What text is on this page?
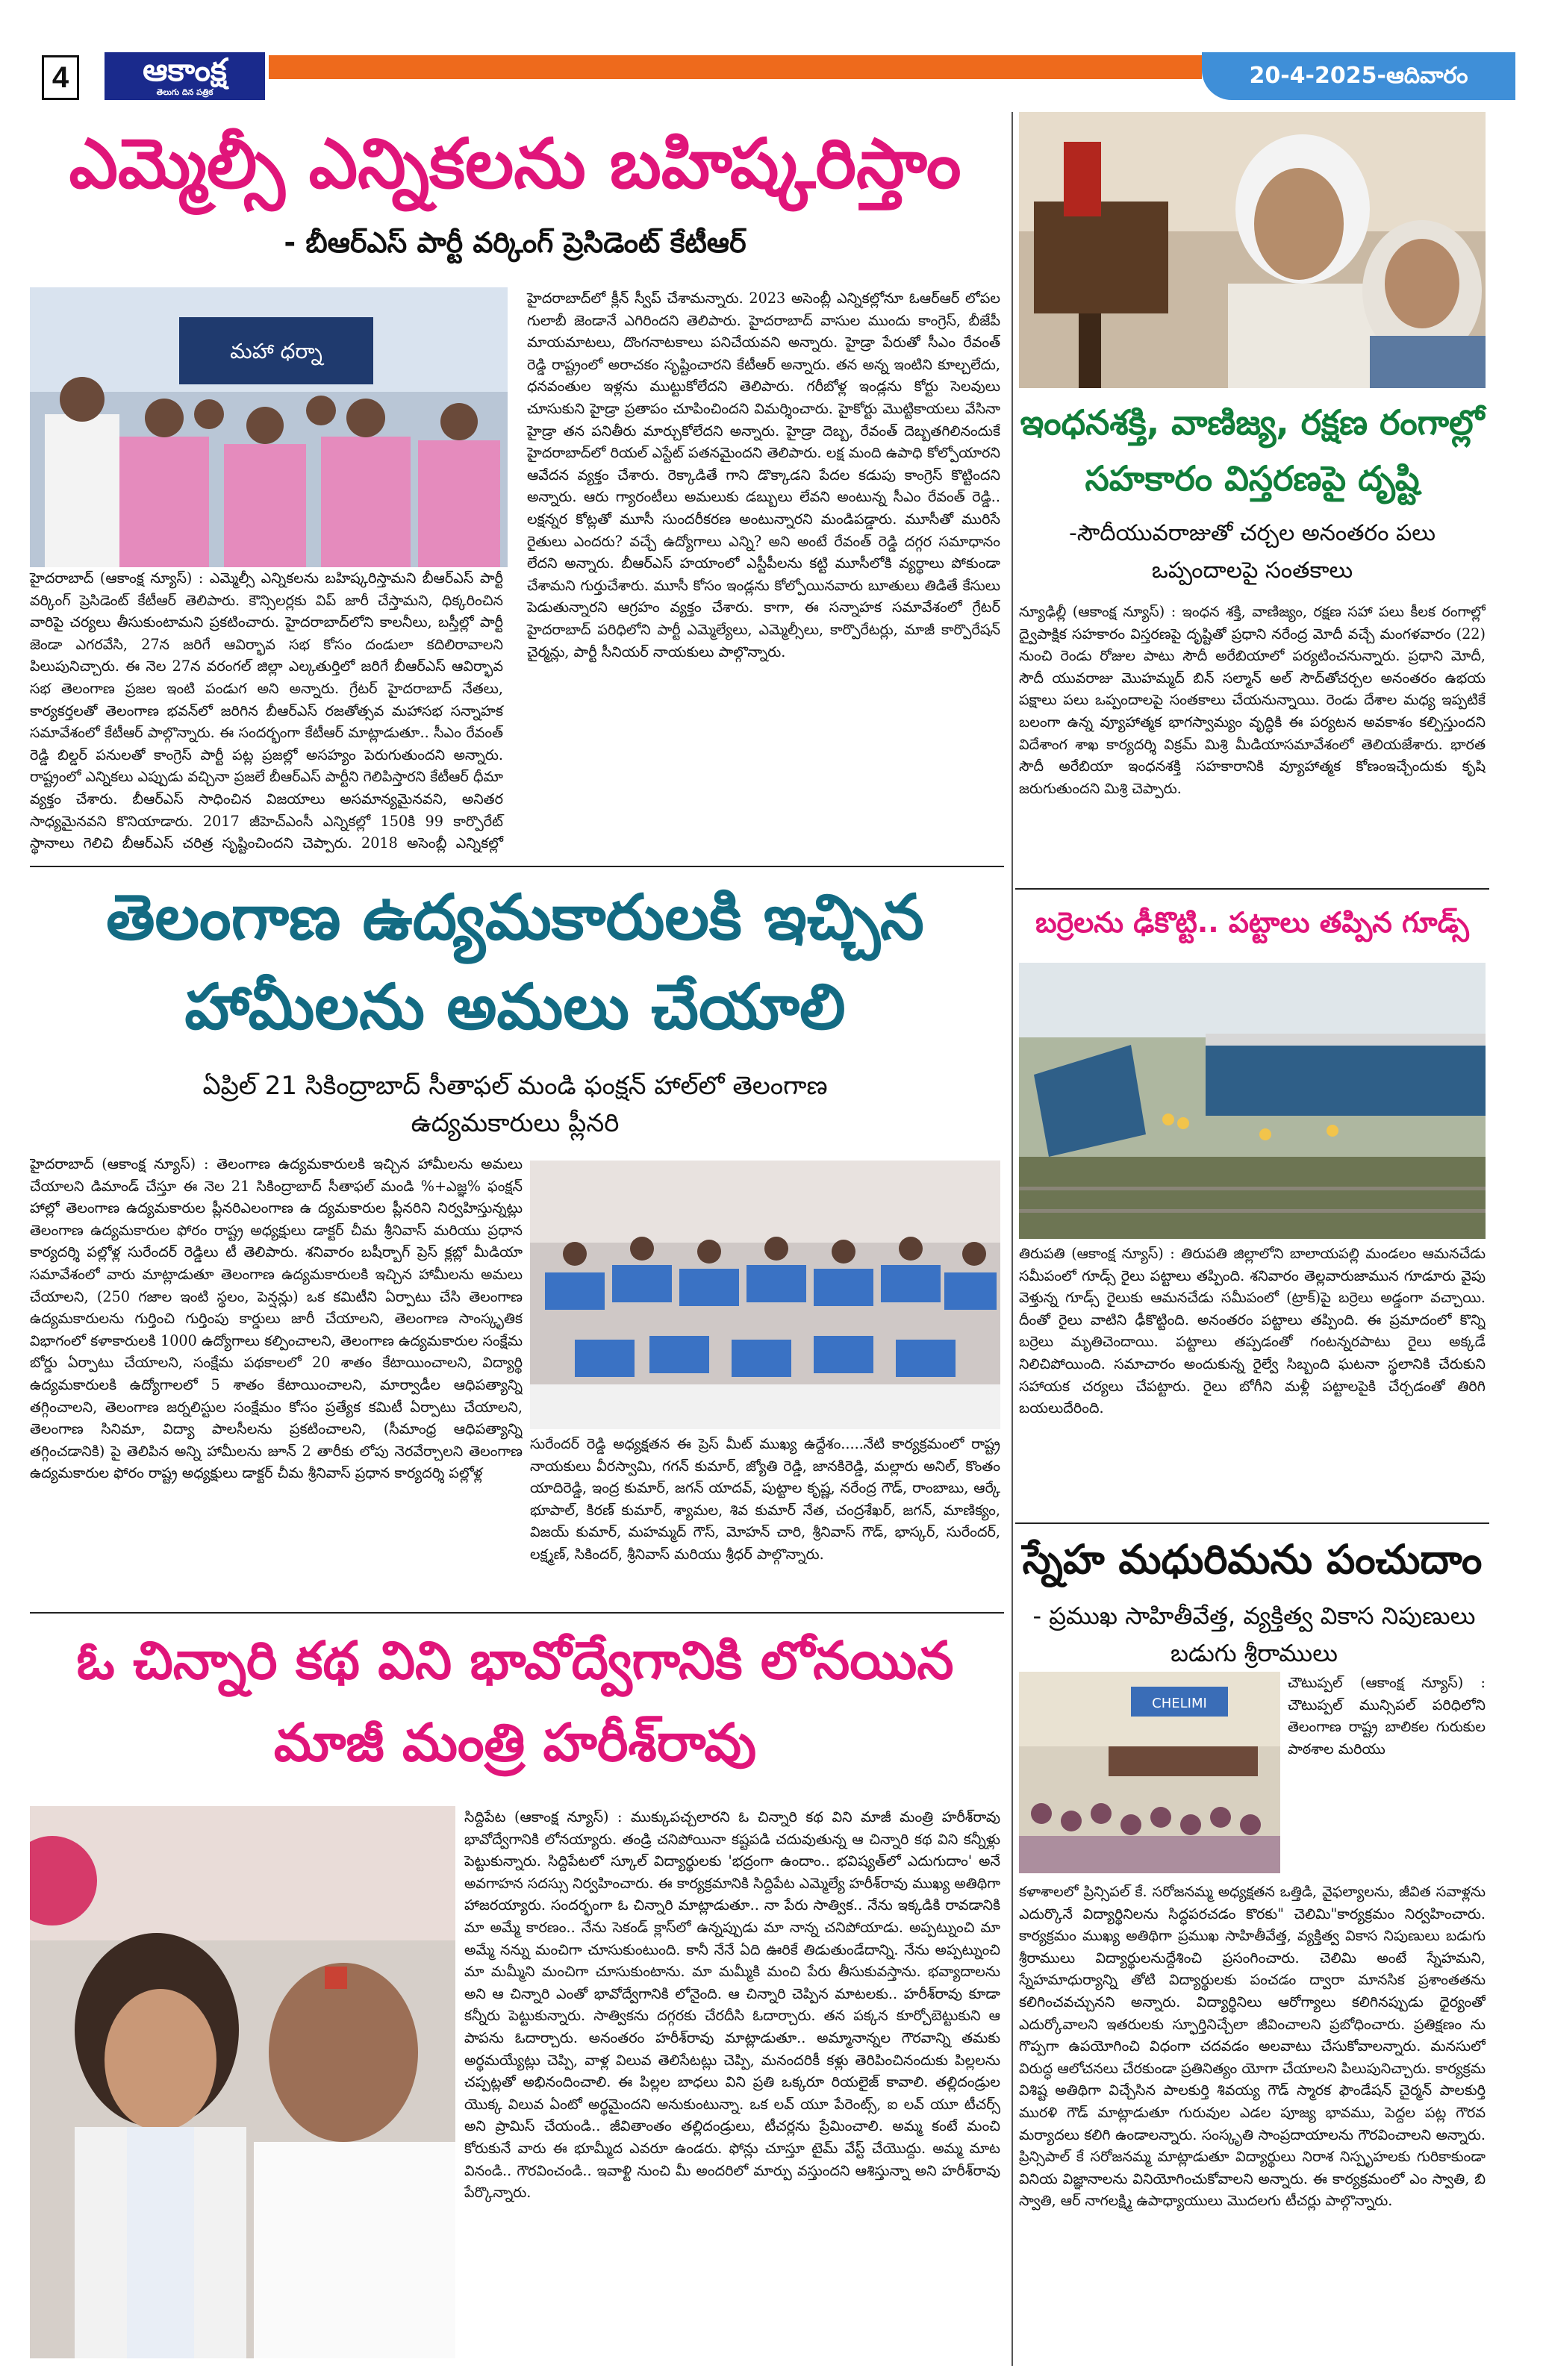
4	ఆకాంక్ష
తెలుగు దిన పత్రిక
20-4-2025-ఆదివారం
ఎమ్మెల్సీ ఎన్నికలను బహిష్కరిస్తాం
- బీఆర్ఎస్ పార్టీ వర్కింగ్ ప్రెసిడెంట్ కేటీఆర్
మహా ధర్నా
హైదరాబాద్ (ఆకాంక్ష న్యూస్) : ఎమ్మెల్సీ ఎన్నికలను బహిష్కరిస్తామని బీఆర్ఎస్ పార్టీ వర్కింగ్ ప్రెసిడెంట్ కేటీఆర్ తెలిపారు. కౌన్సిలర్లకు విప్ జారీ చేస్తామని, ధిక్కరించిన వారిపై చర్యలు తీసుకుంటామని ప్రకటించారు. హైదరాబాద్‌లోని కాలనీలు, బస్తీల్లో పార్టీ జెండా ఎగరవేసి, 27న జరిగే ఆవిర్భావ సభ కోసం దండులా కదిలిరావాలని పిలుపునిచ్చారు. ఈ నెల 27న వరంగల్ జిల్లా ఎల్కతుర్తిలో జరిగే బీఆర్ఎస్ ఆవిర్భావ సభ తెలంగాణ ప్రజల ఇంటి పండుగ అని అన్నారు. గ్రేటర్ హైదరాబాద్ నేతలు, కార్యకర్తలతో తెలంగాణ భవన్‌లో జరిగిన బీఆర్ఎస్ రజతోత్సవ మహాసభ సన్నాహక సమావేశంలో కేటీఆర్ పాల్గొన్నారు. ఈ సందర్భంగా కేటీఆర్ మాట్లాడుతూ.. సీఎం రేవంత్ రెడ్డి బిల్డర్ పనులతో కాంగ్రెస్ పార్టీ పట్ల ప్రజల్లో అసహ్యం పెరుగుతుందని అన్నారు. రాష్ట్రంలో ఎన్నికలు ఎప్పుడు వచ్చినా ప్రజలే బీఆర్ఎస్ పార్టీని గెలిపిస్తారని కేటీఆర్ ధీమా వ్యక్తం చేశారు. బీఆర్ఎస్ సాధించిన విజయాలు అసమాన్యమైనవని, అనితర సాధ్యమైనవని కొనియాడారు. 2017 జీహెచ్ఎంసీ ఎన్నికల్లో 150కి 99 కార్పొరేట్ స్థానాలు గెలిచి బీఆర్ఎస్ చరిత్ర సృష్టించిందని చెప్పారు. 2018 అసెంబ్లీ ఎన్నికల్లో హైదరాబాద్‌లో క్లీన్ స్వీప్ చేశామన్నారు. 2023 అసెంబ్లీ ఎన్నికల్లోనూ ఓఆర్ఆర్ లోపల గులాబీ జెండానే ఎగిరిందని తెలిపారు. హైదరాబాద్ వాసుల ముందు కాంగ్రెస్, బీజేపీ మాయమాటలు, దొంగనాటకాలు పనిచేయవని అన్నారు. హైడ్రా పేరుతో సీఎం రేవంత్ రెడ్డి రాష్ట్రంలో అరాచకం సృష్టించారని కేటీఆర్ అన్నారు. తన అన్న ఇంటిని కూల్చలేదు, ధనవంతుల ఇళ్లను ముట్టుకోలేదని తెలిపారు. గరీబోళ్ల ఇండ్లను కోర్టు సెలవులు చూసుకుని హైడ్రా ప్రతాపం చూపించిందని విమర్శించారు. హైకోర్టు మొట్టికాయలు వేసినా హైడ్రా తన పనితీరు మార్చుకోలేదని అన్నారు. హైడ్రా దెబ్బ, రేవంత్ దెబ్బతగిలినందుకే హైదరాబాద్‌లో రియల్ ఎస్టేట్ పతనమైందని తెలిపారు. లక్ష మంది ఉపాధి కోల్పోయారని ఆవేదన వ్యక్తం చేశారు. రెక్కాడితే గాని డొక్కాడని పేదల కడుపు కాంగ్రెస్ కొట్టిందని అన్నారు. ఆరు గ్యారంటీలు అమలుకు డబ్బులు లేవని అంటున్న సీఎం రేవంత్ రెడ్డి.. లక్షన్నర కోట్లతో మూసీ సుందరీకరణ అంటున్నారని మండిపడ్డారు. మూసీతో మురిసే రైతులు ఎందరు? వచ్చే ఉద్యోగాలు ఎన్ని? అని అంటే రేవంత్ రెడ్డి దగ్గర సమాధానం లేదని అన్నారు. బీఆర్ఎస్ హయాంలో ఎస్టీపీలను కట్టి మూసీలోకి వ్యర్థాలు పోకుండా చేశామని గుర్తుచేశారు. మూసీ కోసం ఇండ్లను కోల్పోయినవారు బూతులు తిడితే కేసులు పెడుతున్నారని ఆగ్రహం వ్యక్తం చేశారు. కాగా, ఈ సన్నాహక సమావేశంలో గ్రేటర్ హైదరాబాద్ పరిధిలోని పార్టీ ఎమ్మెల్యేలు, ఎమ్మెల్సీలు, కార్పొరేటర్లు, మాజీ కార్పొరేషన్ చైర్మన్లు, పార్టీ సీనియర్ నాయకులు పాల్గొన్నారు.
తెలంగాణ ఉద్యమకారులకి ఇచ్చిన
హామీలను అమలు చేయాలి
ఏప్రిల్ 21 సికింద్రాబాద్ సీతాఫల్ మండి ఫంక్షన్ హాల్‌లో తెలంగాణ ఉద్యమకారులు ప్లీనరి
హైదరాబాద్ (ఆకాంక్ష న్యూస్) : తెలంగాణ ఉద్యమకారులకి ఇచ్చిన హామీలను అమలు చేయాలని డిమాండ్ చేస్తూ ఈ నెల 21 సికింద్రాబాద్ సీతాఫల్ మండి %+ఎజ్ఞ% ఫంక్షన్ హాల్లో తెలంగాణ ఉద్యమకారుల ప్లీనరిఎలంగాణ ఉ ద్యమకారుల ప్లీనరిని నిర్వహిస్తున్నట్లు తెలంగాణ ఉద్యమకారుల ఫోరం రాష్ట్ర అధ్యక్షులు డాక్టర్ చీమ శ్రీనివాస్ మరియు ప్రధాన కార్యదర్శి పల్లోళ్ల సురేందర్ రెడ్డిలు టీ తెలిపారు. శనివారం బషీర్బాగ్ ప్రెస్ క్లబ్లో మీడియా సమావేశంలో వారు మాట్లాడుతూ తెలంగాణ ఉద్యమకారులకి ఇచ్చిన హామీలను అమలు చేయాలని, (250 గజాల ఇంటి స్థలం, పెన్షన్లు) ఒక కమిటీని ఏర్పాటు చేసి తెలంగాణ ఉద్యమకారులను గుర్తించి గుర్తింపు కార్డులు జారీ చేయాలని, తెలంగాణ సాంస్కృతిక విభాగంలో కళాకారులకి 1000 ఉద్యోగాలు కల్పించాలని, తెలంగాణ ఉద్యమకారుల సంక్షేమ బోర్డు ఏర్పాటు చేయాలని, సంక్షేమ పథకాలలో 20 శాతం కేటాయించాలని, విద్యార్థి ఉద్యమకారులకి ఉద్యోగాలలో 5 శాతం కేటాయించాలని, మార్వాడీల ఆధిపత్యాన్ని తగ్గించాలని, తెలంగాణ జర్నలిస్టుల సంక్షేమం కోసం ప్రత్యేక కమిటీ ఏర్పాటు చేయాలని, తెలంగాణ సినిమా, విద్యా పాలసీలను ప్రకటించాలని, (సీమాంధ్ర ఆధిపత్యాన్ని తగ్గించడానికి) పై తెలిపిన అన్ని హామీలను జూన్ 2 తారీకు లోపు నెరవేర్చాలని తెలంగాణ ఉద్యమకారుల ఫోరం రాష్ట్ర అధ్యక్షులు డాక్టర్ చీమ శ్రీనివాస్ ప్రధాన కార్యదర్శి పల్లోళ్ల
సురేందర్ రెడ్డి అధ్యక్షతన ఈ ప్రెస్ మీట్ ముఖ్య ఉద్దేశం.....నేటి కార్యక్రమంలో రాష్ట్ర నాయకులు వీరస్వామి, గగన్ కుమార్, జ్యోతి రెడ్డి, జానకిరెడ్డి, మల్లారు అనిల్, కొంతం యాదిరెడ్డి, ఇంద్ర కుమార్, జగన్ యాదవ్, పుట్టాల కృష్ణ, నరేంద్ర గౌడ్, రాంబాబు, ఆర్కే భూపాల్, కిరణ్ కుమార్, శ్యామల, శివ కుమార్ నేత, చంద్రశేఖర్, జగన్, మాణిక్యం, విజయ్ కుమార్, మహమ్మద్ గౌస్, మోహన్ చారి, శ్రీనివాస్ గౌడ్, భాస్కర్, సురేందర్, లక్ష్మణ్, సికిందర్, శ్రీనివాస్ మరియు శ్రీధర్ పాల్గొన్నారు.
ఓ చిన్నారి కథ విని భావోద్వేగానికి లోనయిన
మాజీ మంత్రి హరీశ్‌రావు
సిద్దిపేట (ఆకాంక్ష న్యూస్) : ముక్కుపచ్చలారని ఓ చిన్నారి కథ విని మాజీ మంత్రి హరీశ్‌రావు భావోద్వేగానికి లోనయ్యారు. తండ్రి చనిపోయినా కష్టపడి చదువుతున్న ఆ చిన్నారి కథ విని కన్నీళ్లు పెట్టుకున్నారు. సిద్దిపేటలో స్కూల్ విద్యార్థులకు 'భద్రంగా ఉందాం.. భవిష్యత్‌లో ఎదుగుదాం' అనే అవగాహన సదస్సు నిర్వహించారు. ఈ కార్యక్రమానికి సిద్దిపేట ఎమ్మెల్యే హరీశ్‌రావు ముఖ్య అతిథిగా హాజరయ్యారు. సందర్భంగా ఓ చిన్నారి మాట్లాడుతూ.. నా పేరు సాత్విక.. నేను ఇక్కడికి రావడానికి మా అమ్మే కారణం.. నేను సెకండ్ క్లాస్‌లో ఉన్నప్పుడు మా నాన్న చనిపోయాడు. అప్పట్నుంచి మా అమ్మే నన్ను మంచిగా చూసుకుంటుంది. కానీ నేనే ఏది ఊరికే తిడుతుండేదాన్ని. నేను అప్పట్నుంచి మా మమ్మీని మంచిగా చూసుకుంటాను. మా మమ్మీకి మంచి పేరు తీసుకువస్తాను. భవ్యాదాలను అని ఆ చిన్నారి ఎంతో భావోద్వేగానికి లోనైంది. ఆ చిన్నారి చెప్పిన మాటలకు.. హరీశ్‌రావు కూడా కన్నీరు పెట్టుకున్నారు. సాత్వికను దగ్గరకు చేరదీసి ఓదార్చారు. తన పక్కన కూర్చోబెట్టుకుని ఆ పాపను ఓదార్చారు. అనంతరం హరీశ్‌రావు మాట్లాడుతూ.. అమ్మానాన్నల గౌరవాన్ని తమకు అర్థమయ్యేట్లు చెప్పి, వాళ్ల విలువ తెలిసేటట్లు చెప్పి, మనందరికీ కళ్లు తెరిపించినందుకు పిల్లలను చప్పట్లతో అభినందించాలి. ఈ పిల్లల బాధలు విని ప్రతి ఒక్కరూ రియలైజ్ కావాలి. తల్లిదండ్రుల యొక్క విలువ ఏంటో అర్థమైందని అనుకుంటున్నా. ఒక లవ్ యూ పేరెంట్స్, ఐ లవ్ యూ టీచర్స్ అని ప్రామిస్ చేయండి.. జీవితాంతం తల్లిదండ్రులు, టీచర్లను ప్రేమించాలి. అమ్మ కంటే మంచి కోరుకునే వారు ఈ భూమ్మీద ఎవరూ ఉండరు. ఫోన్లు చూస్తూ టైమ్ వేస్ట్ చేయొద్దు. అమ్మ మాట వినండి.. గౌరవించండి.. ఇవాళ్టి నుంచి మీ అందరిలో మార్పు వస్తుందని ఆశిస్తున్నా అని హరీశ్‌రావు పేర్కొన్నారు.
ఇంధనశక్తి, వాణిజ్య, రక్షణ రంగాల్లో
సహకారం విస్తరణపై దృష్టి
-సౌదీయువరాజుతో చర్చల అనంతరం పలు ఒప్పందాలపై సంతకాలు
న్యూఢిల్లీ (ఆకాంక్ష న్యూస్) : ఇంధన శక్తి, వాణిజ్యం, రక్షణ సహా పలు కీలక రంగాల్లో ద్వైపాక్షిక సహకారం విస్తరణపై దృష్టితో ప్రధాని నరేంద్ర మోదీ వచ్చే మంగళవారం (22) నుంచి రెండు రోజుల పాటు సౌదీ అరేబియాలో పర్యటించనున్నారు. ప్రధాని మోదీ, సౌదీ యువరాజు మొహమ్మద్ బిన్ సల్మాన్ అల్ సౌద్‌తోచర్చల అనంతరం ఉభయ పక్షాలు పలు ఒప్పందాలపై సంతకాలు చేయనున్నాయి. రెండు దేశాల మధ్య ఇప్పటికే బలంగా ఉన్న వ్యూహాత్మక భాగస్వామ్యం వృద్ధికి ఈ పర్యటన అవకాశం కల్పిస్తుందని విదేశాంగ శాఖ కార్యదర్శి విక్రమ్ మిశ్రి మీడియాసమావేశంలో తెలియజేశారు. భారత సౌదీ అరేబియా ఇంధనశక్తి సహకారానికి వ్యూహాత్మక కోణంఇచ్చేందుకు కృషి జరుగుతుందని మిశ్రి చెప్పారు.
బర్రెలను ఢీకొట్టి.. పట్టాలు తప్పిన గూడ్స్
తిరుపతి (ఆకాంక్ష న్యూస్) : తిరుపతి జిల్లాలోని బాలాయపల్లి మండలం ఆమనచేడు సమీపంలో గూడ్స్ రైలు పట్టాలు తప్పింది. శనివారం తెల్లవారుజామున గూడూరు వైపు వెళ్తున్న గూడ్స్ రైలుకు ఆమనచేడు సమీపంలో (ట్రాక్)పై బర్రెలు అడ్డంగా వచ్చాయి. దీంతో రైలు వాటిని ఢీకొట్టింది. అనంతరం పట్టాలు తప్పింది. ఈ ప్రమాదంలో కొన్ని బర్రెలు మృతిచెందాయి. పట్టాలు తప్పడంతో గంటన్నరపాటు రైలు అక్కడే నిలిచిపోయింది. సమాచారం అందుకున్న రైల్వే సిబ్బంది ఘటనా స్థలానికి చేరుకుని సహాయక చర్యలు చేపట్టారు. రైలు బోగీని మళ్లీ పట్టాలపైకి చేర్చడంతో తిరిగి బయలుదేరింది.
స్నేహ మధురిమను పంచుదాం
- ప్రముఖ సాహితీవేత్త, వ్యక్తిత్వ వికాస నిపుణులు బడుగు శ్రీరాములు
CHELIMI
చౌటుప్పల్ (ఆకాంక్ష న్యూస్) : చౌటుప్పల్ మున్సిపల్ పరిధిలోని తెలంగాణ రాష్ట్ర బాలికల గురుకుల పాఠశాల మరియు
కళాశాలలో ప్రిన్సిపల్ కే. సరోజనమ్మ అధ్యక్షతన ఒత్తిడి, వైఫల్యాలను, జీవిత సవాళ్లను ఎదుర్కొనే విద్యార్థినిలను సిద్ధపరచడం కొరకు" చెలిమి"కార్యక్రమం నిర్వహించారు. కార్యక్రమం ముఖ్య అతిథిగా ప్రముఖ సాహితీవేత్త, వ్యక్తిత్వ వికాస నిపుణులు బడుగు శ్రీరాములు విద్యార్థులనుద్దేశించి ప్రసంగించారు. చెలిమి అంటే స్నేహమని, స్నేహమాధుర్యాన్ని తోటి విద్యార్థులకు పంచడం ద్వారా మానసిక ప్రశాంతతను కలిగించవచ్చునని అన్నారు. విద్యార్థినిలు ఆరోగ్యాలు కలిగినప్పుడు ధైర్యంతో ఎదుర్కోవాలని ఇతరులకు స్ఫూర్తినిచ్చేలా జీవించాలని ప్రబోధించారు. ప్రతిక్షణం ను గొప్పగా ఉపయోగించి విధంగా చదవడం అలవాటు చేసుకోవాలన్నారు. మనసులో విరుద్ధ ఆలోచనలు చేరకుండా ప్రతినిత్యం యోగా చేయాలని పిలుపునిచ్చారు. కార్యక్రమ విశిష్ట అతిథిగా విచ్చేసిన పాలకుర్తి శివయ్య గౌడ్ స్మారక ఫౌండేషన్ చైర్మన్ పాలకుర్తి మురళి గౌడ్ మాట్లాడుతూ గురువుల ఎడల పూజ్య భావము, పెద్దల పట్ల గౌరవ మర్యాదలు కలిగి ఉండాలన్నారు. సంస్కృతి సాంప్రదాయాలను గౌరవించాలని అన్నారు. ప్రిన్సిపాల్ కే సరోజనమ్మ మాట్లాడుతూ విద్యార్థులు నిరాశ నిస్పృహలకు గురికాకుండా వినియ విజ్ఞానాలను వినియోగించుకోవాలని అన్నారు. ఈ కార్యక్రమంలో ఎం స్వాతి, బి స్వాతి, ఆర్ నాగలక్ష్మి ఉపాధ్యాయులు మొదలగు టీచర్లు పాల్గొన్నారు.
